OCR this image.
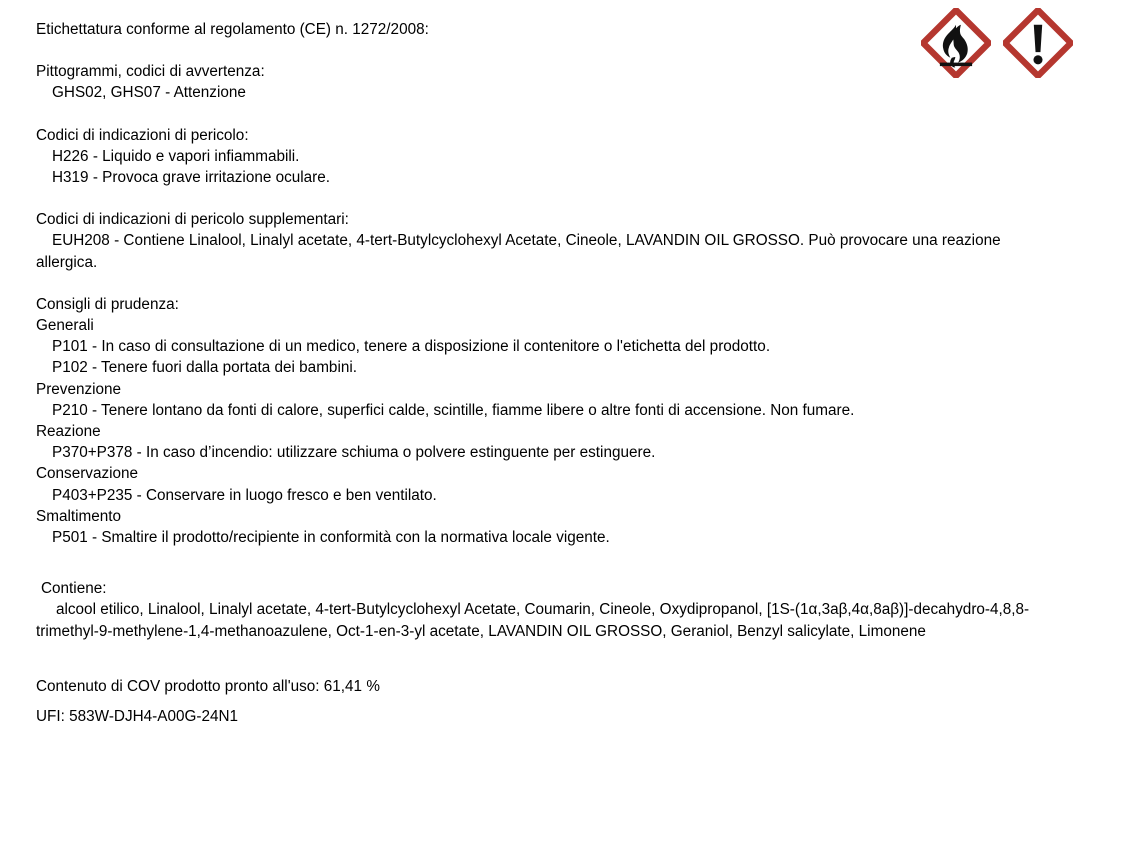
Etichettatura conforme al regolamento (CE) n. 1272/2008:
Pittogrammi, codici di avvertenza:
GHS02, GHS07 - Attenzione
Codici di indicazioni di pericolo:
H226 - Liquido e vapori infiammabili.
H319 - Provoca grave irritazione oculare.
Codici di indicazioni di pericolo supplementari:
EUH208 - Contiene Linalool, Linalyl acetate, 4-tert-Butylcyclohexyl Acetate, Cineole, LAVANDIN OIL GROSSO. Può provocare una reazione allergica.
Consigli di prudenza:
Generali
P101 - In caso di consultazione di un medico, tenere a disposizione il contenitore o l'etichetta del prodotto.
P102 - Tenere fuori dalla portata dei bambini.
Prevenzione
P210 - Tenere lontano da fonti di calore, superfici calde, scintille, fiamme libere o altre fonti di accensione. Non fumare.
Reazione
P370+P378 - In caso d’incendio: utilizzare schiuma o polvere estinguente per estinguere.
Conservazione
P403+P235 - Conservare in luogo fresco e ben ventilato.
Smaltimento
P501 - Smaltire il prodotto/recipiente in conformità con la normativa locale vigente.
Contiene:
alcool etilico, Linalool, Linalyl acetate, 4-tert-Butylcyclohexyl Acetate, Coumarin, Cineole, Oxydipropanol, [1S-(1α,3aβ,4α,8aβ)]-decahydro-4,8,8-trimethyl-9-methylene-1,4-methanoazulene, Oct-1-en-3-yl acetate, LAVANDIN OIL GROSSO, Geraniol, Benzyl salicylate, Limonene
Contenuto di COV prodotto pronto all'uso: 61,41 %
UFI: 583W-DJH4-A00G-24N1
